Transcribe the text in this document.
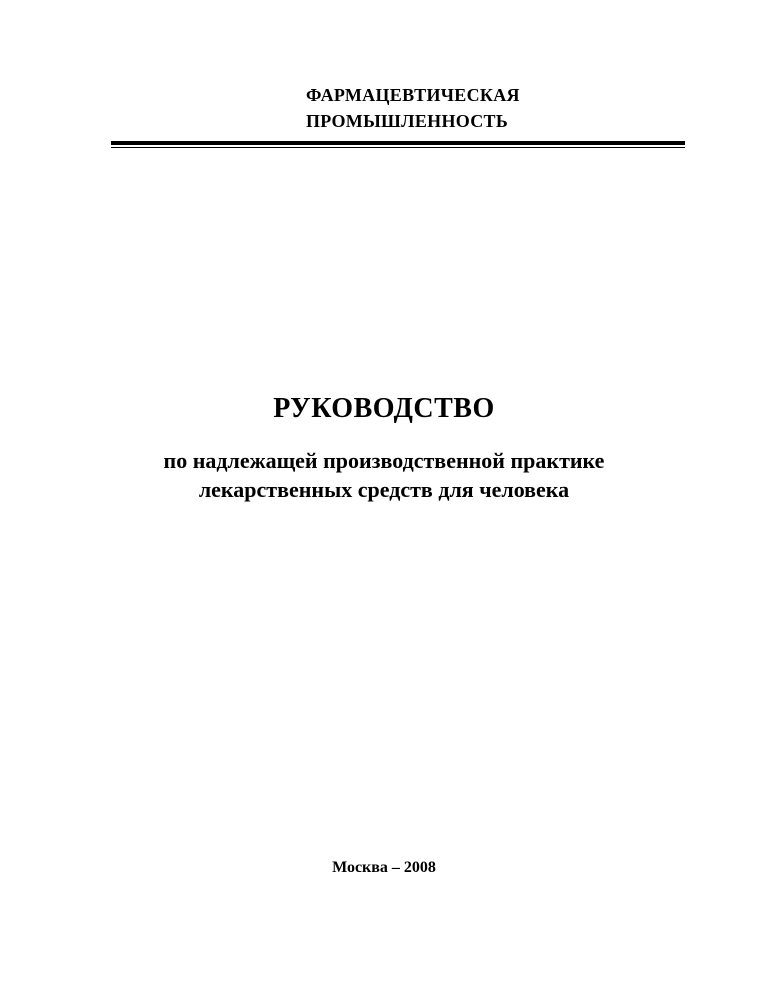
ФАРМАЦЕВТИЧЕСКАЯ
ПРОМЫШЛЕННОСТЬ
РУКОВОДСТВО
по надлежащей производственной практике
лекарственных средств для человека
Москва – 2008
